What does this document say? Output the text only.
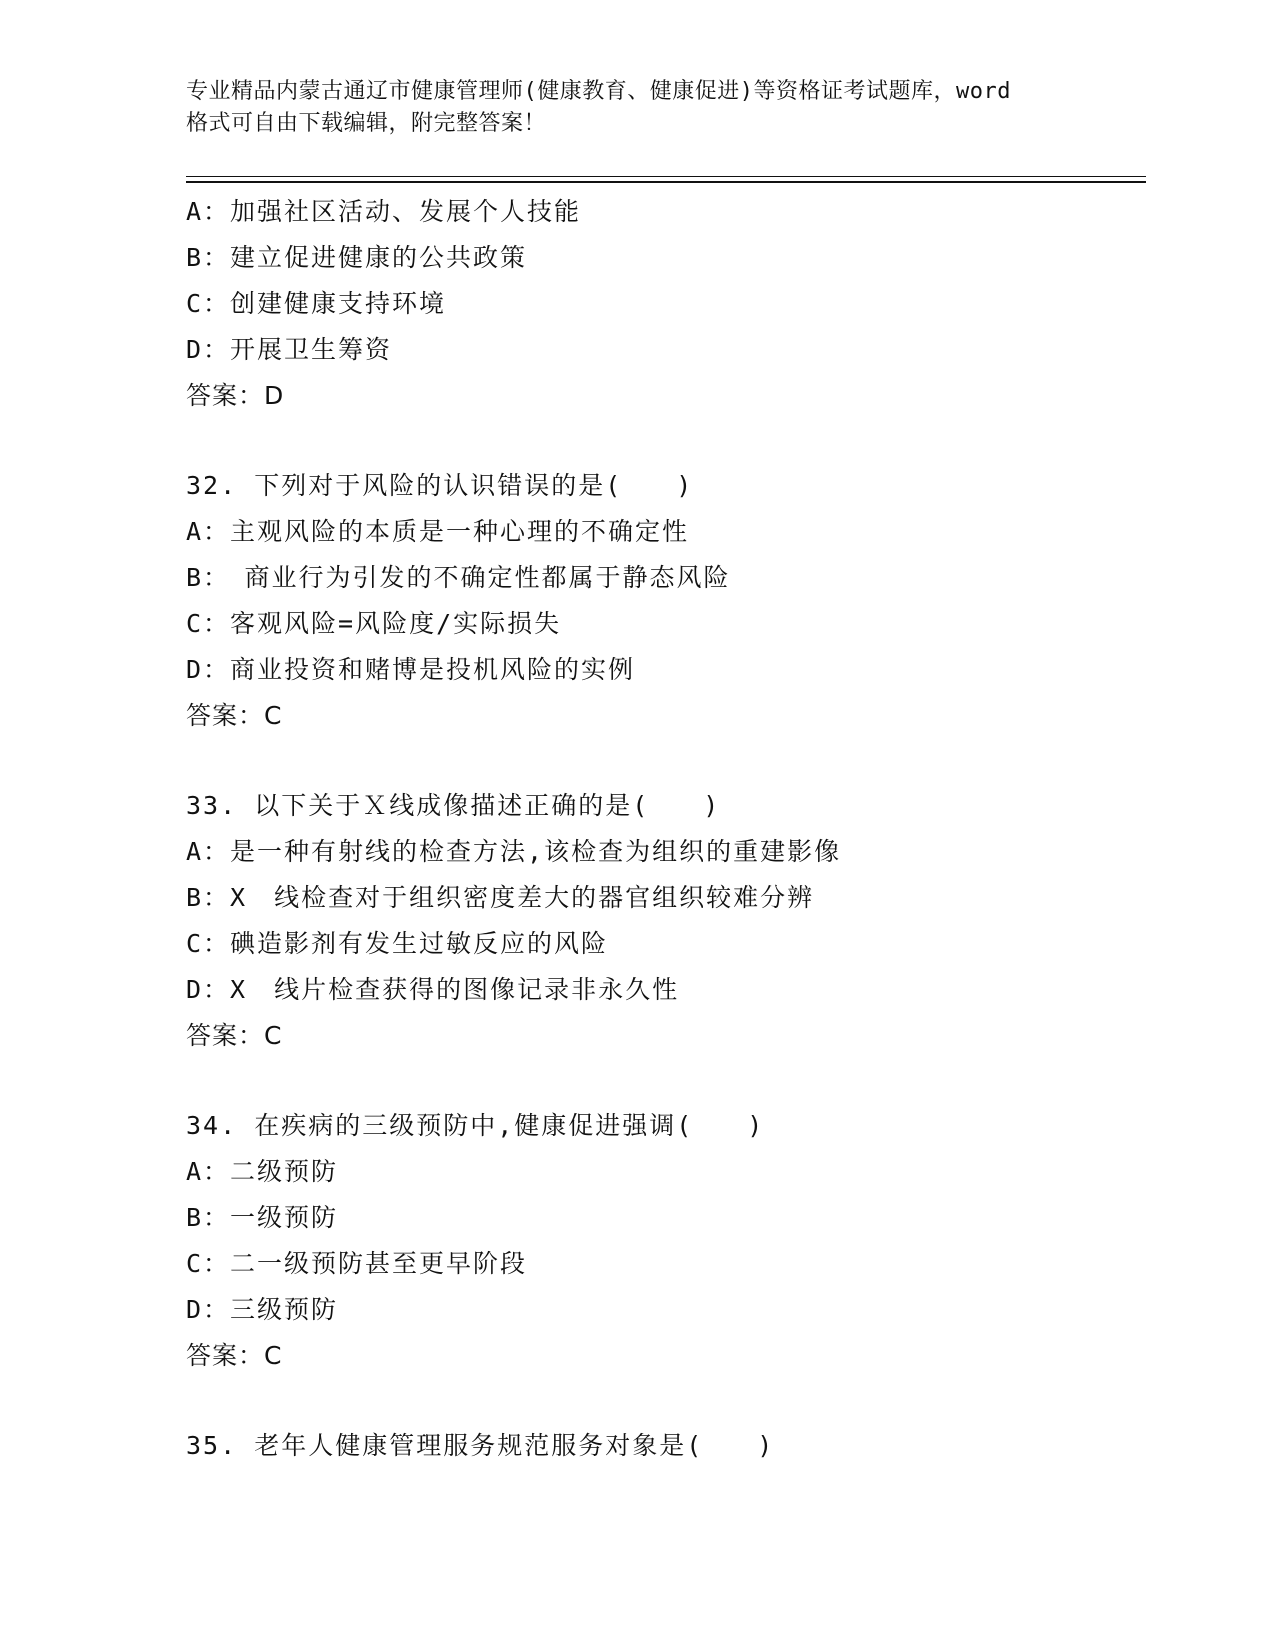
专业精品内蒙古通辽市健康管理师(健康教育、健康促进)等资格证考试题库，word
格式可自由下载编辑，附完整答案！
A：加强社区活动、发展个人技能
B：建立促进健康的公共政策
C：创建健康支持环境
D：开展卫生筹资
答案：D
32. 下列对于风险的认识错误的是(　　)
A：主观风险的本质是一种心理的不确定性
B：　商业行为引发的不确定性都属于静态风险
C：客观风险=风险度/实际损失
D：商业投资和赌博是投机风险的实例
答案：C
33. 以下关于Ｘ线成像描述正确的是(　　)
A：是一种有射线的检查方法,该检查为组织的重建影像
B：X　线检查对于组织密度差大的器官组织较难分辨
C：碘造影剂有发生过敏反应的风险
D：X　线片检查获得的图像记录非永久性
答案：C
34. 在疾病的三级预防中,健康促进强调(　　)
A：二级预防
B：一级预防
C：二一级预防甚至更早阶段
D：三级预防
答案：C
35. 老年人健康管理服务规范服务对象是(　　)
